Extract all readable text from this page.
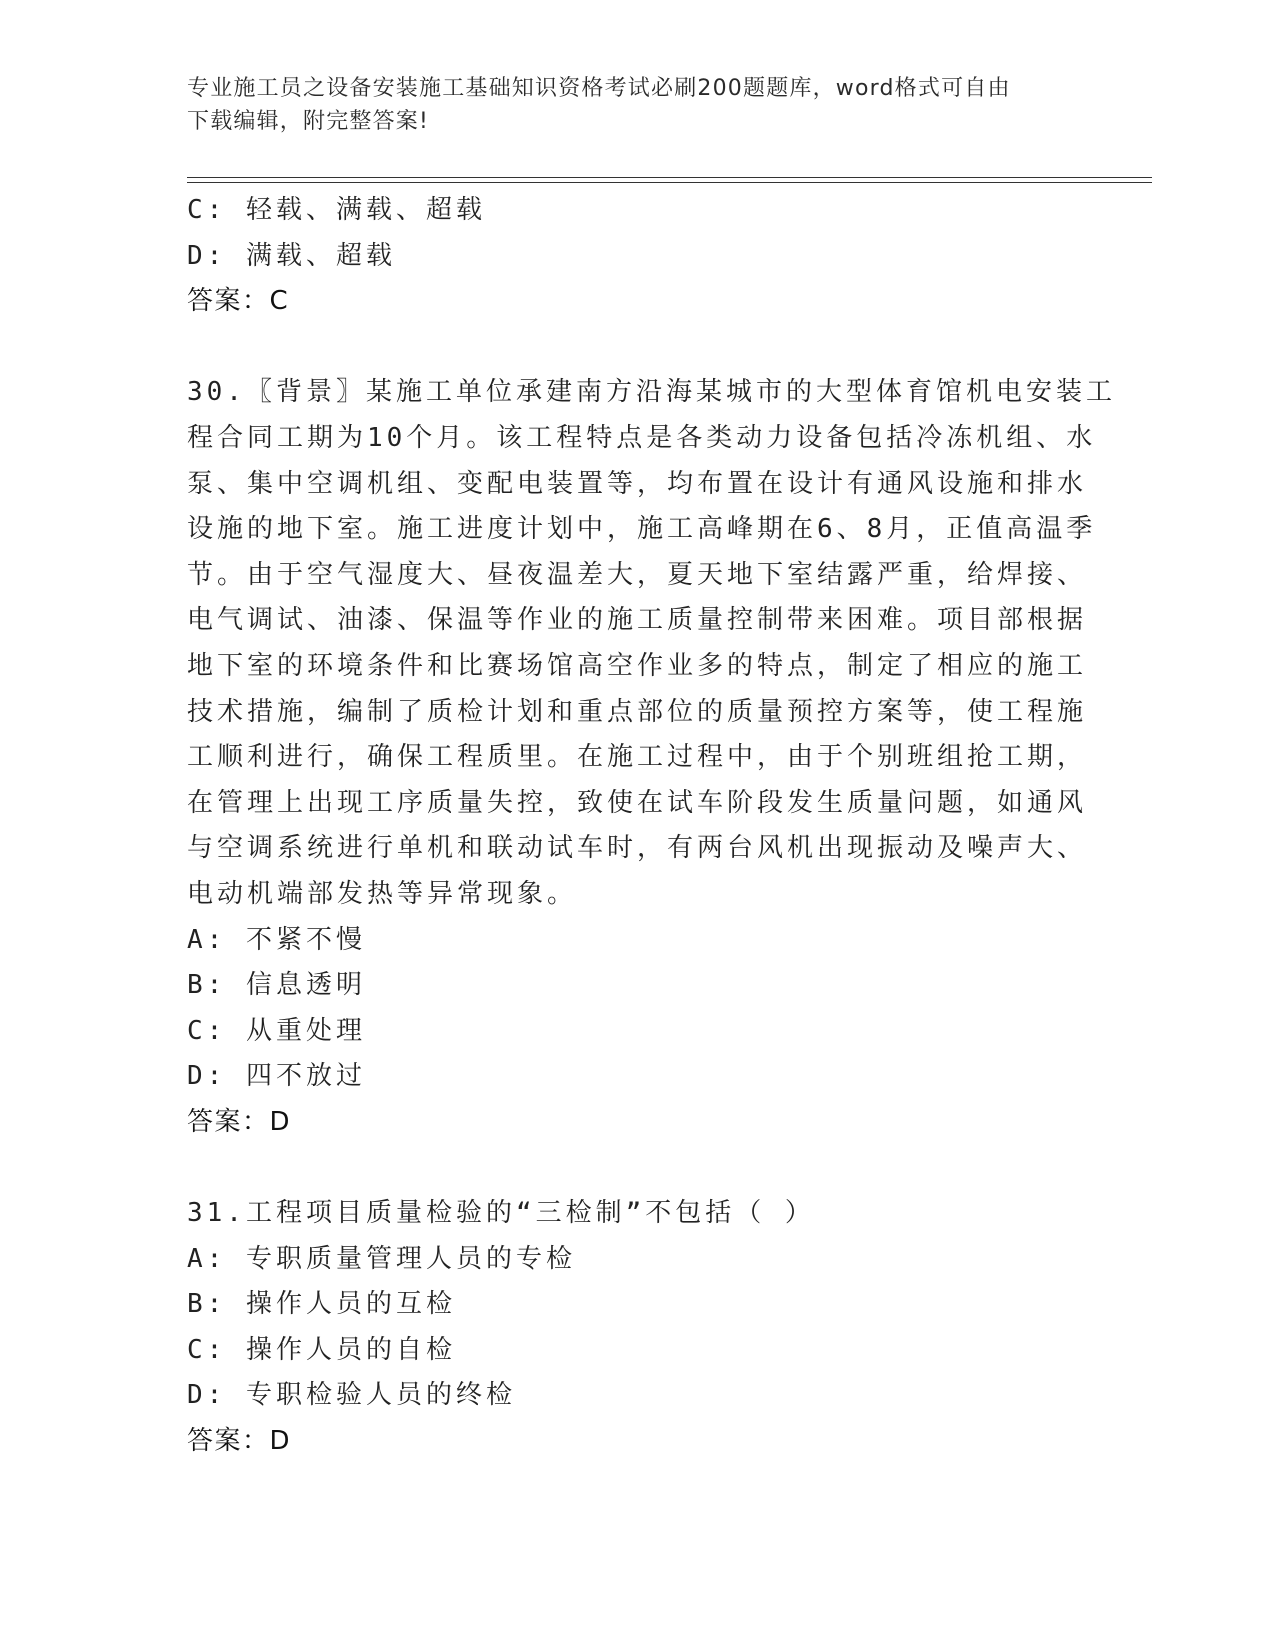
专业施工员之设备安装施工基础知识资格考试必刷200题题库，word格式可自由
下载编辑，附完整答案!
C: 轻载、满载、超载
D: 满载、超载
答案：C
30.〖背景〗某施工单位承建南方沿海某城市的大型体育馆机电安装工
程合同工期为10个月。该工程特点是各类动力设备包括冷冻机组、水
泵、集中空调机组、变配电装置等，均布置在设计有通风设施和排水
设施的地下室。施工进度计划中，施工高峰期在6、8月，正值高温季
节。由于空气湿度大、昼夜温差大，夏天地下室结露严重，给焊接、
电气调试、油漆、保温等作业的施工质量控制带来困难。项目部根据
地下室的环境条件和比赛场馆高空作业多的特点，制定了相应的施工
技术措施，编制了质检计划和重点部位的质量预控方案等，使工程施
工顺利进行，确保工程质里。在施工过程中，由于个别班组抢工期，
在管理上出现工序质量失控，致使在试车阶段发生质量问题，如通风
与空调系统进行单机和联动试车时，有两台风机出现振动及噪声大、
电动机端部发热等异常现象。
A: 不紧不慢
B: 信息透明
C: 从重处理
D: 四不放过
答案：D
31.工程项目质量检验的“三检制”不包括（ ）
A: 专职质量管理人员的专检
B: 操作人员的互检
C: 操作人员的自检
D: 专职检验人员的终检
答案：D
